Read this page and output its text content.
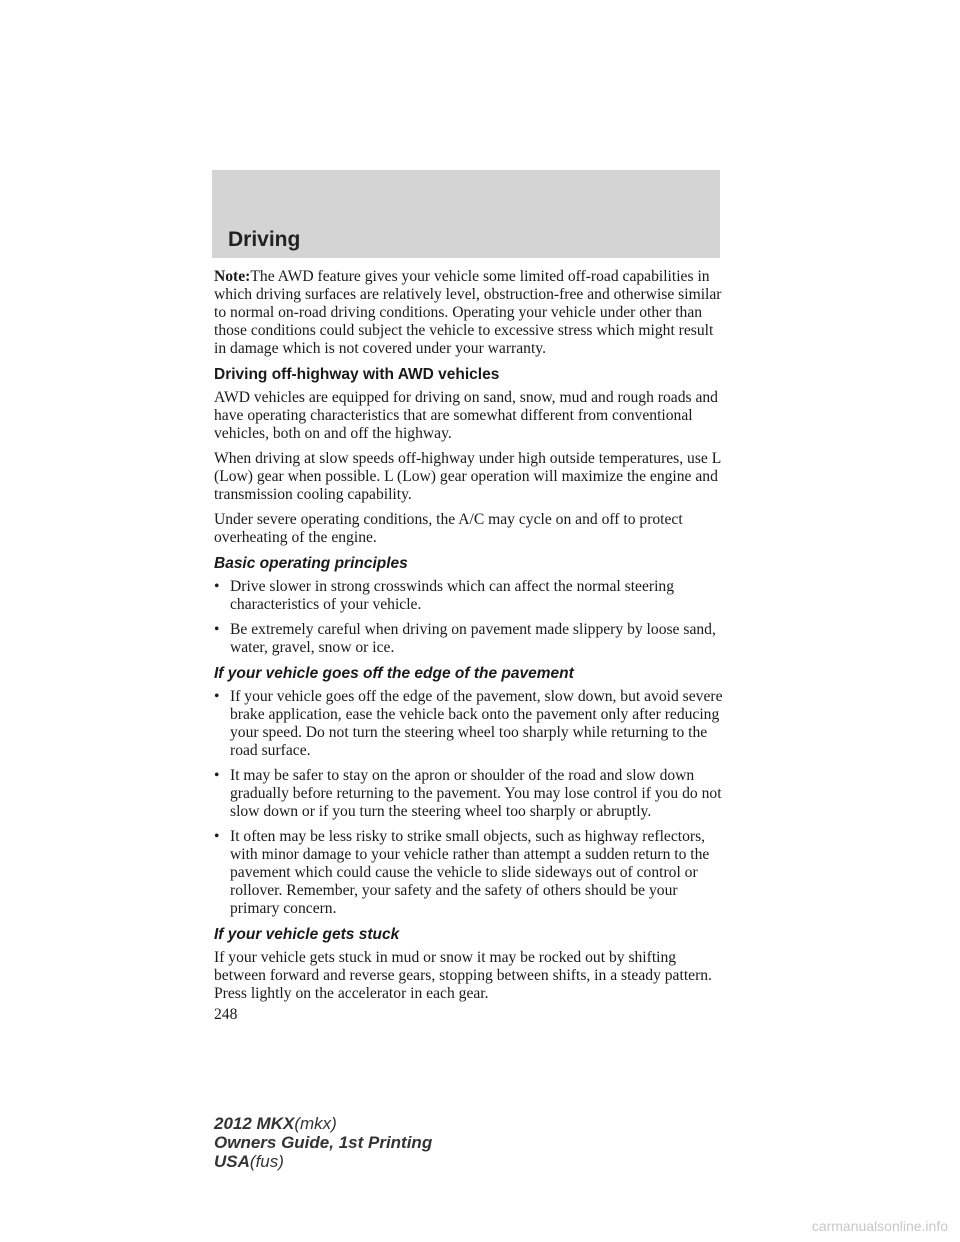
Driving

Note:The AWD feature gives your vehicle some limited off-road capabilities in which driving surfaces are relatively level, obstruction-free and otherwise similar to normal on-road driving conditions. Operating your vehicle under other than those conditions could subject the vehicle to excessive stress which might result in damage which is not covered under your warranty.

Driving off-highway with AWD vehicles

AWD vehicles are equipped for driving on sand, snow, mud and rough roads and have operating characteristics that are somewhat different from conventional vehicles, both on and off the highway.

When driving at slow speeds off-highway under high outside temperatures, use L (Low) gear when possible. L (Low) gear operation will maximize the engine and transmission cooling capability.

Under severe operating conditions, the A/C may cycle on and off to protect overheating of the engine.

Basic operating principles
• Drive slower in strong crosswinds which can affect the normal steering characteristics of your vehicle.
• Be extremely careful when driving on pavement made slippery by loose sand, water, gravel, snow or ice.
If your vehicle goes off the edge of the pavement
• If your vehicle goes off the edge of the pavement, slow down, but avoid severe brake application, ease the vehicle back onto the pavement only after reducing your speed. Do not turn the steering wheel too sharply while returning to the road surface.
• It may be safer to stay on the apron or shoulder of the road and slow down gradually before returning to the pavement. You may lose control if you do not slow down or if you turn the steering wheel too sharply or abruptly.
• It often may be less risky to strike small objects, such as highway reflectors, with minor damage to your vehicle rather than attempt a sudden return to the pavement which could cause the vehicle to slide sideways out of control or rollover. Remember, your safety and the safety of others should be your primary concern.
If your vehicle gets stuck

If your vehicle gets stuck in mud or snow it may be rocked out by shifting between forward and reverse gears, stopping between shifts, in a steady pattern. Press lightly on the accelerator in each gear.

248
2012 MKX(mkx)
Owners Guide, 1st Printing
USA(fus)
carmanualsonline.info
